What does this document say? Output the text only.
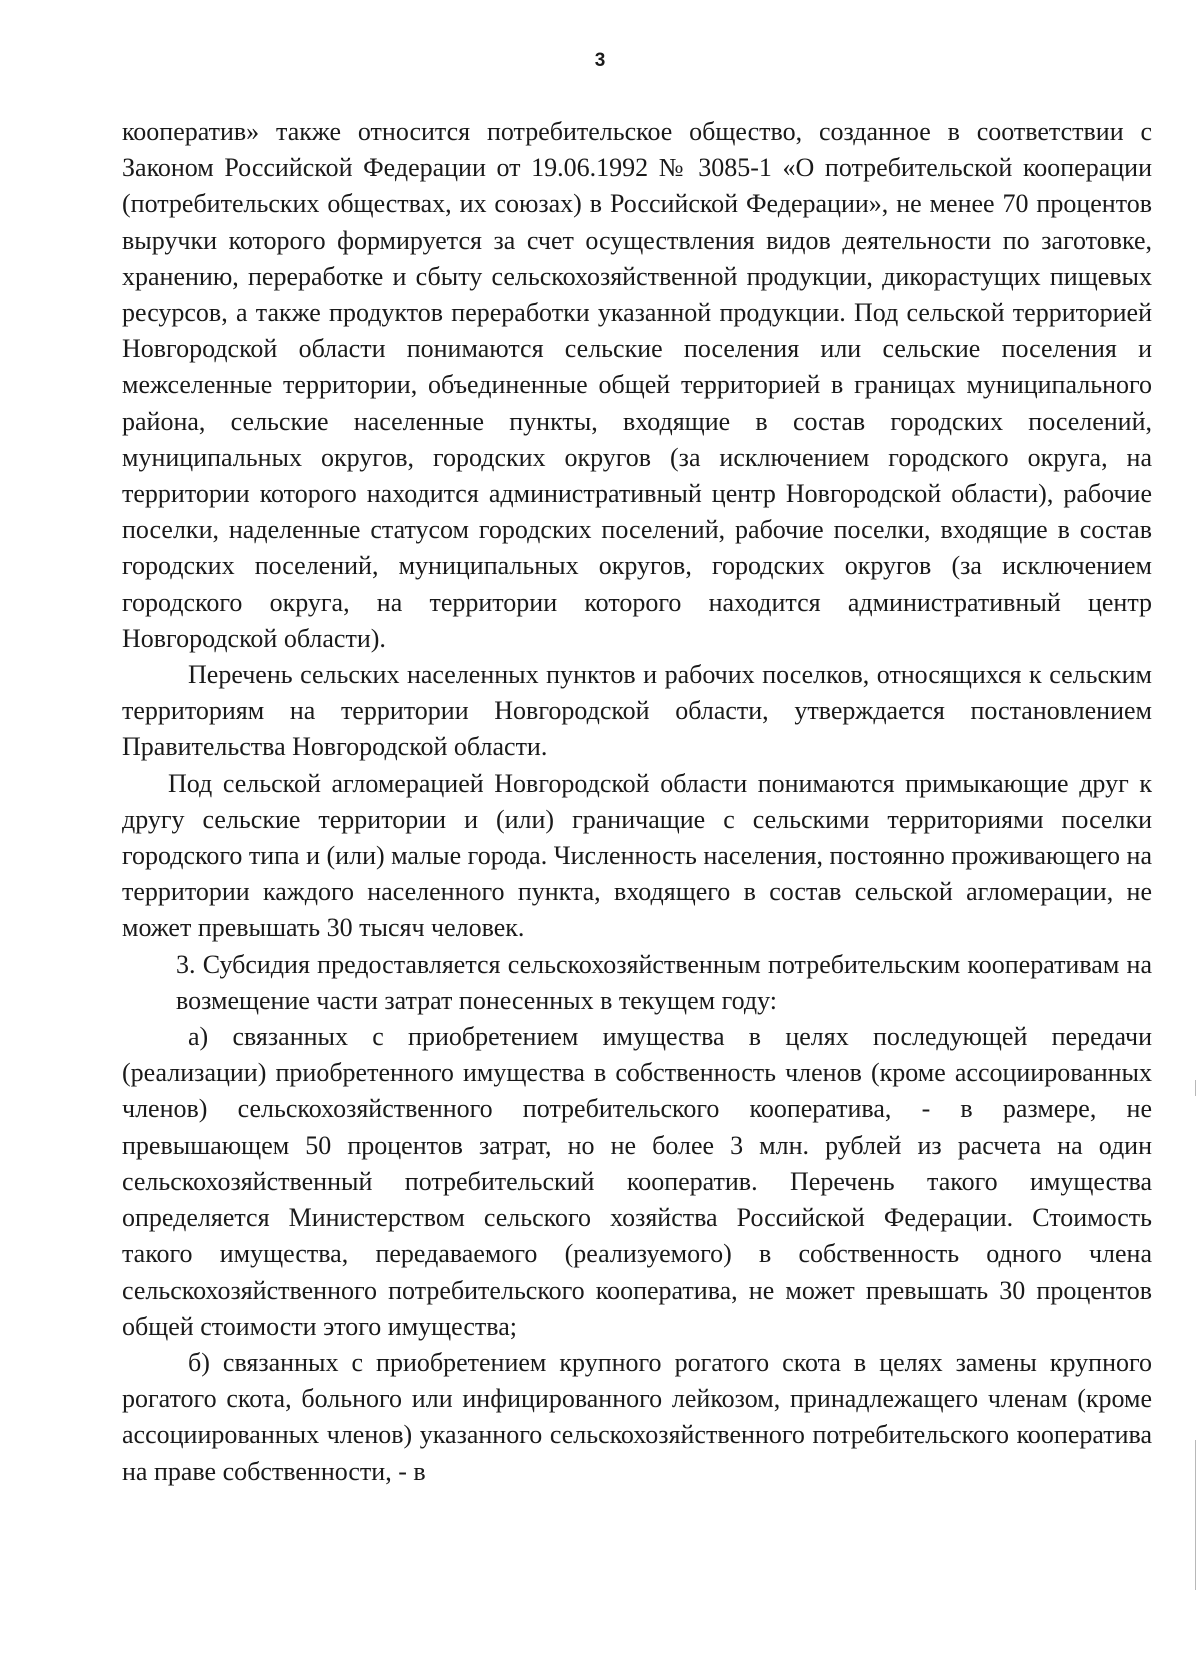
3

кооператив» также относится потребительское общество, созданное в соответствии с Законом Российской Федерации от 19.06.1992 № 3085-1 «О потребительской кооперации (потребительских обществах, их союзах) в Российской Федерации», не менее 70 процентов выручки которого формируется за счет осуществления видов деятельности по заготовке, хранению, переработке и сбыту сельскохозяйственной продукции, дикорастущих пищевых ресурсов, а также продуктов переработки указанной продукции. Под сельской территорией Новгородской области понимаются сельские поселения или сельские поселения и межселенные территории, объединенные общей территорией в границах муниципального района, сельские населенные пункты, входящие в состав городских поселений, муниципальных округов, городских округов (за исключением городского округа, на территории которого находится административный центр Новгородской области), рабочие поселки, наделенные статусом городских поселений, рабочие поселки, входящие в состав городских поселений, муниципальных округов, городских округов (за исключением городского округа, на территории которого находится административный центр Новгородской области).

Перечень сельских населенных пунктов и рабочих поселков, относящихся к сельским территориям на территории Новгородской области, утверждается постановлением Правительства Новгородской области.

Под сельской агломерацией Новгородской области понимаются примыкающие друг к другу сельские территории и (или) граничащие с сельскими территориями поселки городского типа и (или) малые города. Численность населения, постоянно проживающего на территории каждого населенного пункта, входящего в состав сельской агломерации, не может превышать 30 тысяч человек.

3. Субсидия предоставляется сельскохозяйственным потребительским кооперативам на возмещение части затрат понесенных в текущем году:

а) связанных с приобретением имущества в целях последующей передачи (реализации) приобретенного имущества в собственность членов (кроме ассоциированных членов) сельскохозяйственного потребительского кооператива, - в размере, не превышающем 50 процентов затрат, но не более 3 млн. рублей из расчета на один сельскохозяйственный потребительский кооператив. Перечень такого имущества определяется Министерством сельского хозяйства Российской Федерации. Стоимость такого имущества, передаваемого (реализуемого) в собственность одного члена сельскохозяйственного потребительского кооператива, не может превышать 30 процентов общей стоимости этого имущества;

б) связанных с приобретением крупного рогатого скота в целях замены крупного рогатого скота, больного или инфицированного лейкозом, принадлежащего членам (кроме ассоциированных членов) указанного сельскохозяйственного потребительского кооператива на праве собственности, - в
